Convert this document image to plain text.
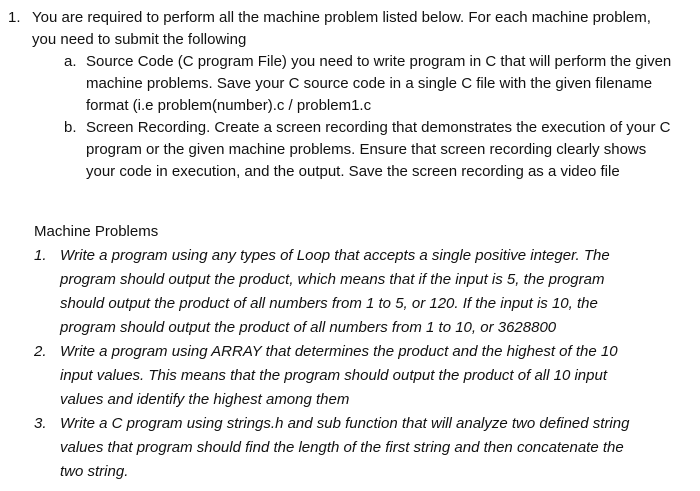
1. You are required to perform all the machine problem listed below. For each machine problem,
you need to submit the following
a. Source Code (C program File) you need to write program in C that will perform the given
machine problems. Save your C source code in a single C file with the given filename
format (i.e problem(number).c / problem1.c
b. Screen Recording. Create a screen recording that demonstrates the execution of your C
program or the given machine problems. Ensure that screen recording clearly shows
your code in execution, and the output. Save the screen recording as a video file
Machine Problems
1. Write a program using any types of Loop that accepts a single positive integer. The
program should output the product, which means that if the input is 5, the program
should output the product of all numbers from 1 to 5, or 120. If the input is 10, the
program should output the product of all numbers from 1 to 10, or 3628800
2. Write a program using ARRAY that determines the product and the highest of the 10
input values. This means that the program should output the product of all 10 input
values and identify the highest among them
3. Write a C program using strings.h and sub function that will analyze two defined string
values that program should find the length of the first string and then concatenate the
two string.
